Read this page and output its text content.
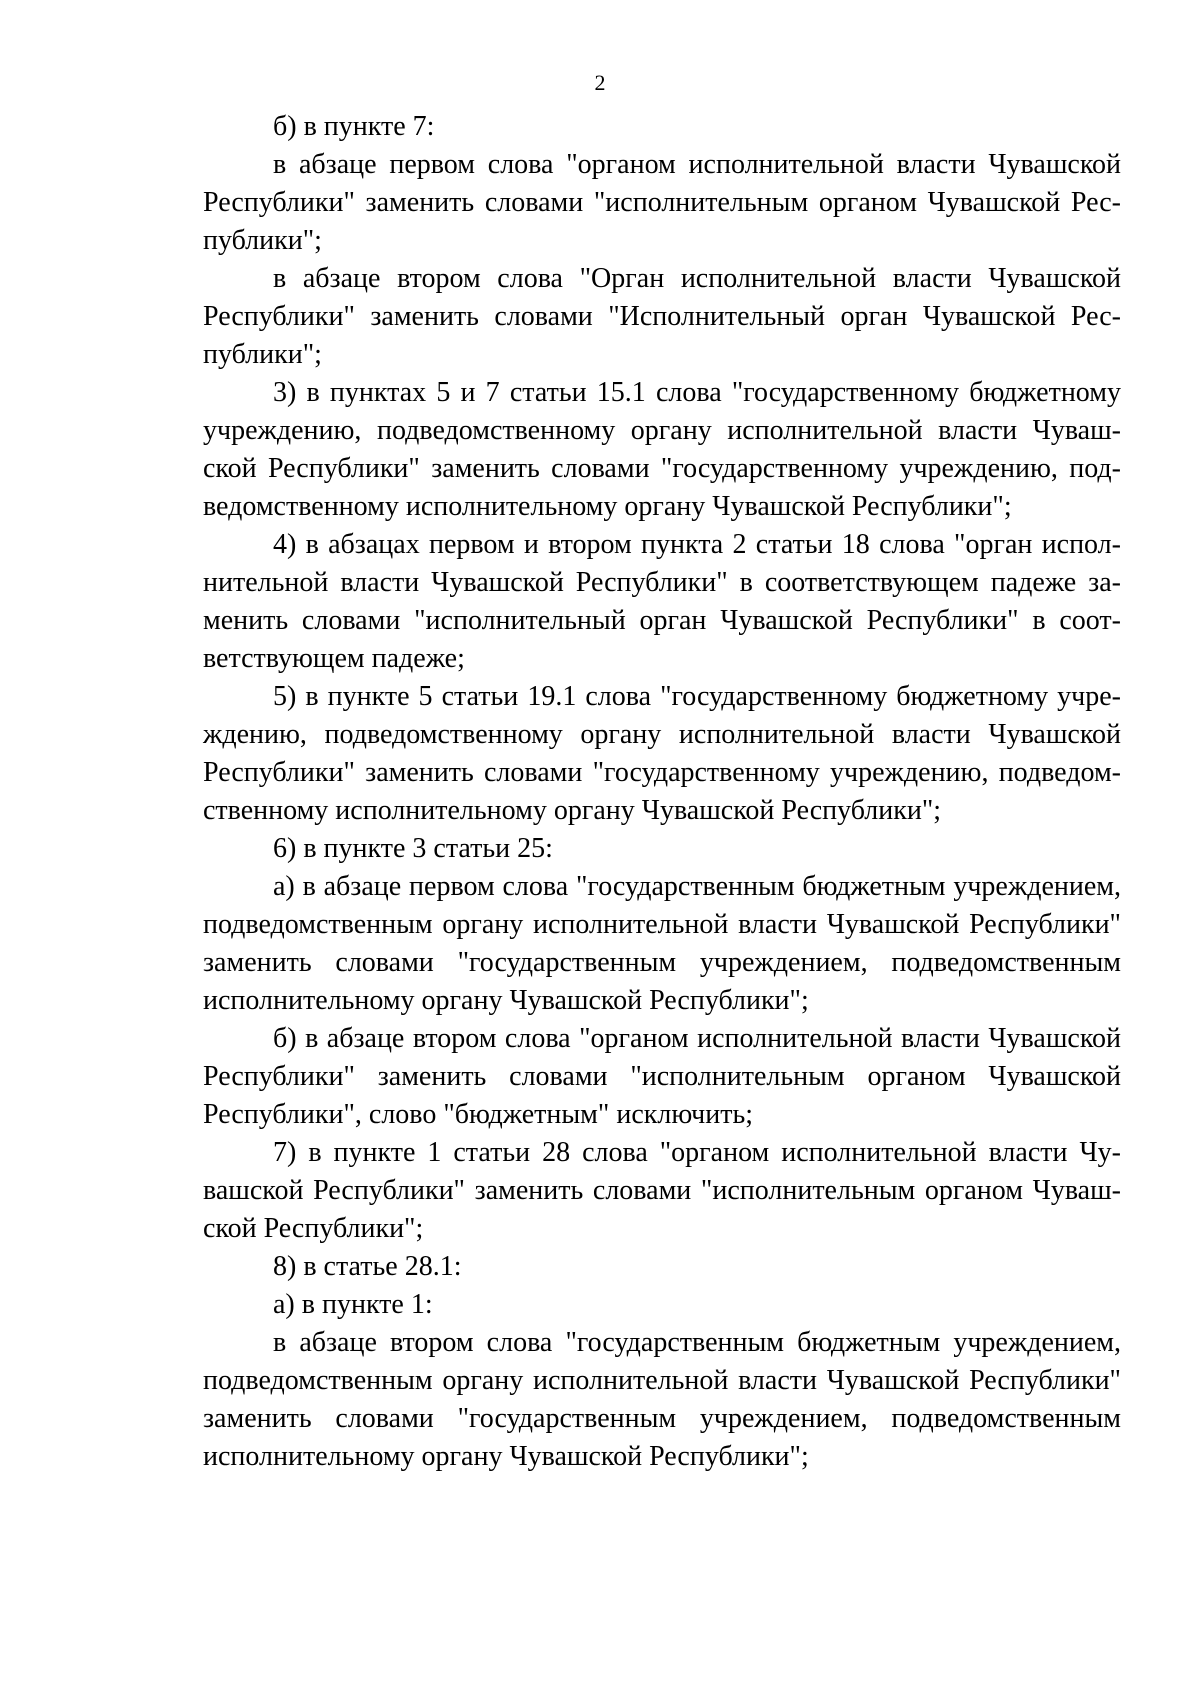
2

б) в пункте 7:

в абзаце первом слова "органом исполнительной власти Чувашской Республики" заменить словами "исполнительным органом Чувашской Республики";

в абзаце втором слова "Орган исполнительной власти Чувашской Республики" заменить словами "Исполнительный орган Чувашской Республики";

3) в пунктах 5 и 7 статьи 15.1 слова "государственному бюджетному учреждению, подведомственному органу исполнительной власти Чувашской Республики" заменить словами "государственному учреждению, подведомственному исполнительному органу Чувашской Республики";

4) в абзацах первом и втором пункта 2 статьи 18 слова "орган исполнительной власти Чувашской Республики" в соответствующем падеже заменить словами "исполнительный орган Чувашской Республики" в соответствующем падеже;

5) в пункте 5 статьи 19.1 слова "государственному бюджетному учреждению, подведомственному органу исполнительной власти Чувашской Республики" заменить словами "государственному учреждению, подведомственному исполнительному органу Чувашской Республики";

6) в пункте 3 статьи 25:

а) в абзаце первом слова "государственным бюджетным учреждением, подведомственным органу исполнительной власти Чувашской Республики" заменить словами "государственным учреждением, подведомственным исполнительному органу Чувашской Республики";

б) в абзаце втором слова "органом исполнительной власти Чувашской Республики" заменить словами "исполнительным органом Чувашской Республики", слово "бюджетным" исключить;

7) в пункте 1 статьи 28 слова "органом исполнительной власти Чувашской Республики" заменить словами "исполнительным органом Чувашской Республики";

8) в статье 28.1:

а) в пункте 1:

в абзаце втором слова "государственным бюджетным учреждением, подведомственным органу исполнительной власти Чувашской Республики" заменить словами "государственным учреждением, подведомственным исполнительному органу Чувашской Республики";
